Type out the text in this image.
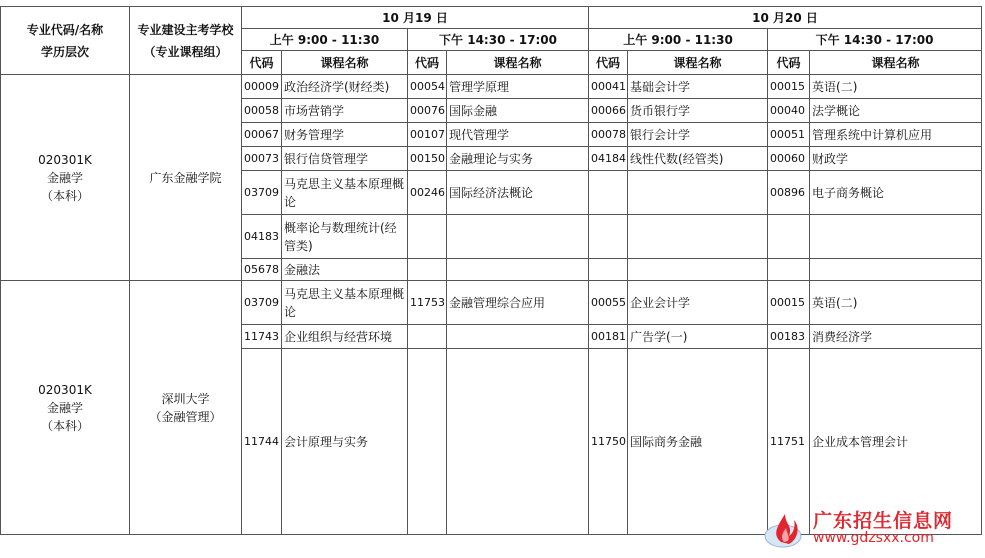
专业代码/名称
学历层次	专业建设主考学校
（专业课程组）	10 月19 日				10 月20 日			
		上午 9:00 - 11:30		下午 14:30 - 17:00		上午 9:00 - 11:30		下午 14:30 - 17:00	
		代码	课程名称	代码	课程名称	代码	课程名称	代码	课程名称
020301K
金融学
（本科）	广东金融学院	00009	政治经济学(财经类)	00054	管理学原理	00041	基础会计学	00015	英语(二)
		00058	市场营销学	00076	国际金融	00066	货币银行学	00040	法学概论
		00067	财务管理学	00107	现代管理学	00078	银行会计学	00051	管理系统中计算机应用
		00073	银行信贷管理学	00150	金融理论与实务	04184	线性代数(经管类)	00060	财政学
		03709	马克思主义基本原理概论	00246	国际经济法概论			00896	电子商务概论
		04183	概率论与数理统计(经管类)						
		05678	金融法						
020301K
金融学
（本科）	深圳大学
（金融管理）	03709	马克思主义基本原理概论	11753	金融管理综合应用	00055	企业会计学	00015	英语(二)
		11743	企业组织与经营环境			00181	广告学(一)	00183	消费经济学
		11744	会计原理与实务			11750	国际商务金融	11751	企业成本管理会计
广东招生信息网
www.gdzsxx.com
